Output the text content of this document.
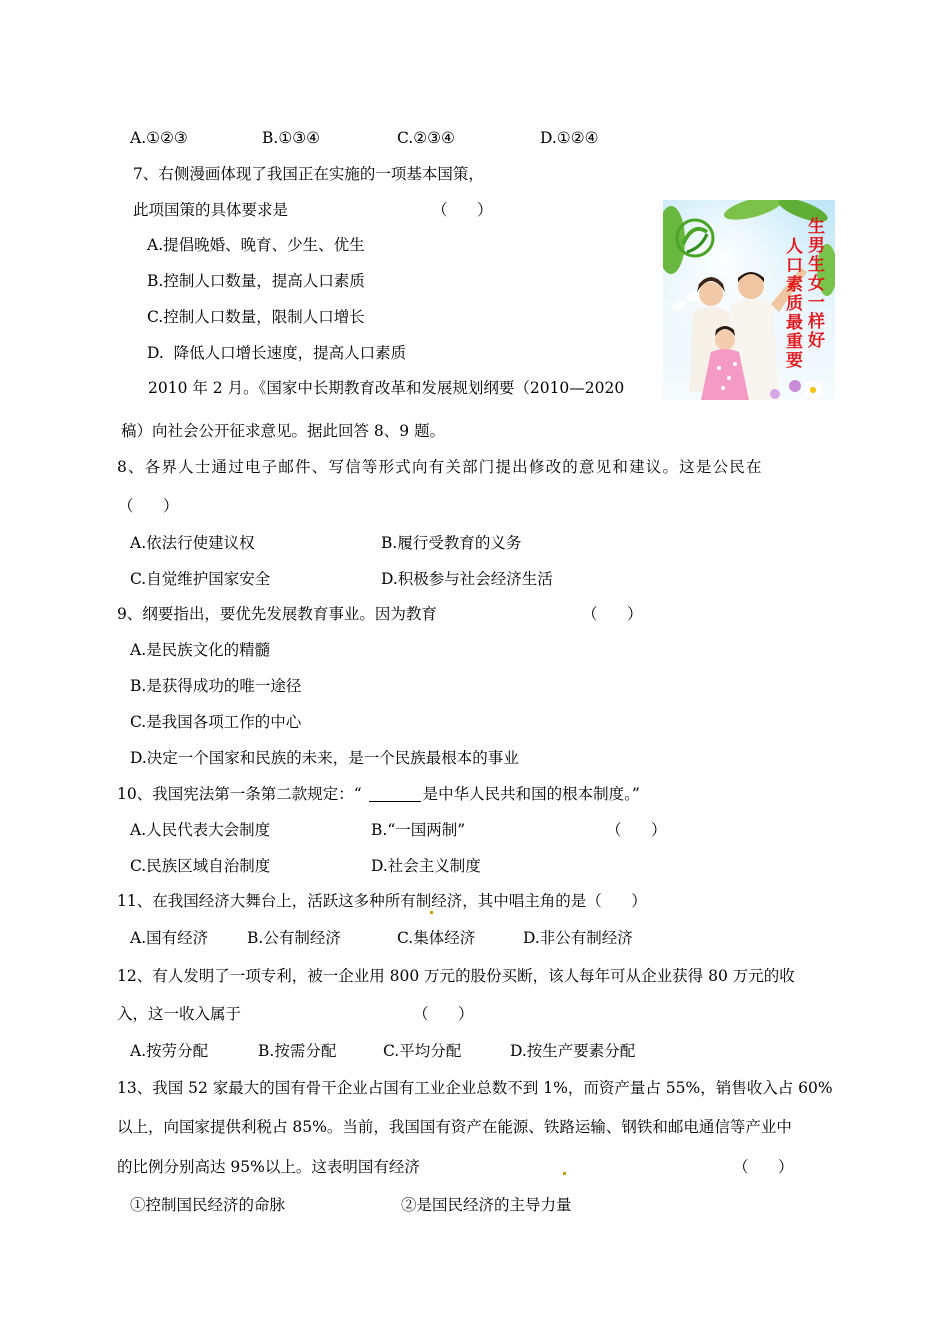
A.①②③	B.①③④	C.②③④	D.①②④
7、右侧漫画体现了我国正在实施的一项基本国策，
此项国策的具体要求是	（      ）
A.提倡晚婚、晚育、少生、优生
B.控制人口数量，提高人口素质
C.控制人口数量，限制人口增长
D.  降低人口增长速度，提高人口素质
2010 年 2 月。《国家中长期教育改革和发展规划纲要（2010—2020
生男生女一样好
人口素质最重要
稿）向社会公开征求意见。据此回答 8、9 题。
8、各界人士通过电子邮件、写信等形式向有关部门提出修改的意见和建议。这是公民在
（      ）
A.依法行使建议权	B.履行受教育的义务
C.自觉维护国家安全	D.积极参与社会经济生活
9、纲要指出，要优先发展教育事业。因为教育	（      ）
A.是民族文化的精髓
B.是获得成功的唯一途径
C.是我国各项工作的中心
D.决定一个国家和民族的未来，是一个民族最根本的事业
10、我国宪法第一条第二款规定：“	是中华人民共和国的根本制度。”
A.人民代表大会制度	B.“一国两制”	（      ）
C.民族区域自治制度	D.社会主义制度
11、在我国经济大舞台上，活跃这多种所有制经济，其中唱主角的是（      ）
A.国有经济	B.公有制经济	C.集体经济	D.非公有制经济
12、有人发明了一项专利，被一企业用 800 万元的股份买断，该人每年可从企业获得 80 万元的收
入，这一收入属于	（      ）
A.按劳分配	B.按需分配	C.平均分配	D.按生产要素分配
13、我国 52 家最大的国有骨干企业占国有工业企业总数不到 1%，而资产量占 55%，销售收入占 60%
以上，向国家提供利税占 85%。当前，我国国有资产在能源、铁路运输、钢铁和邮电通信等产业中
的比例分别高达 95%以上。这表明国有经济	（      ）
①控制国民经济的命脉	②是国民经济的主导力量
